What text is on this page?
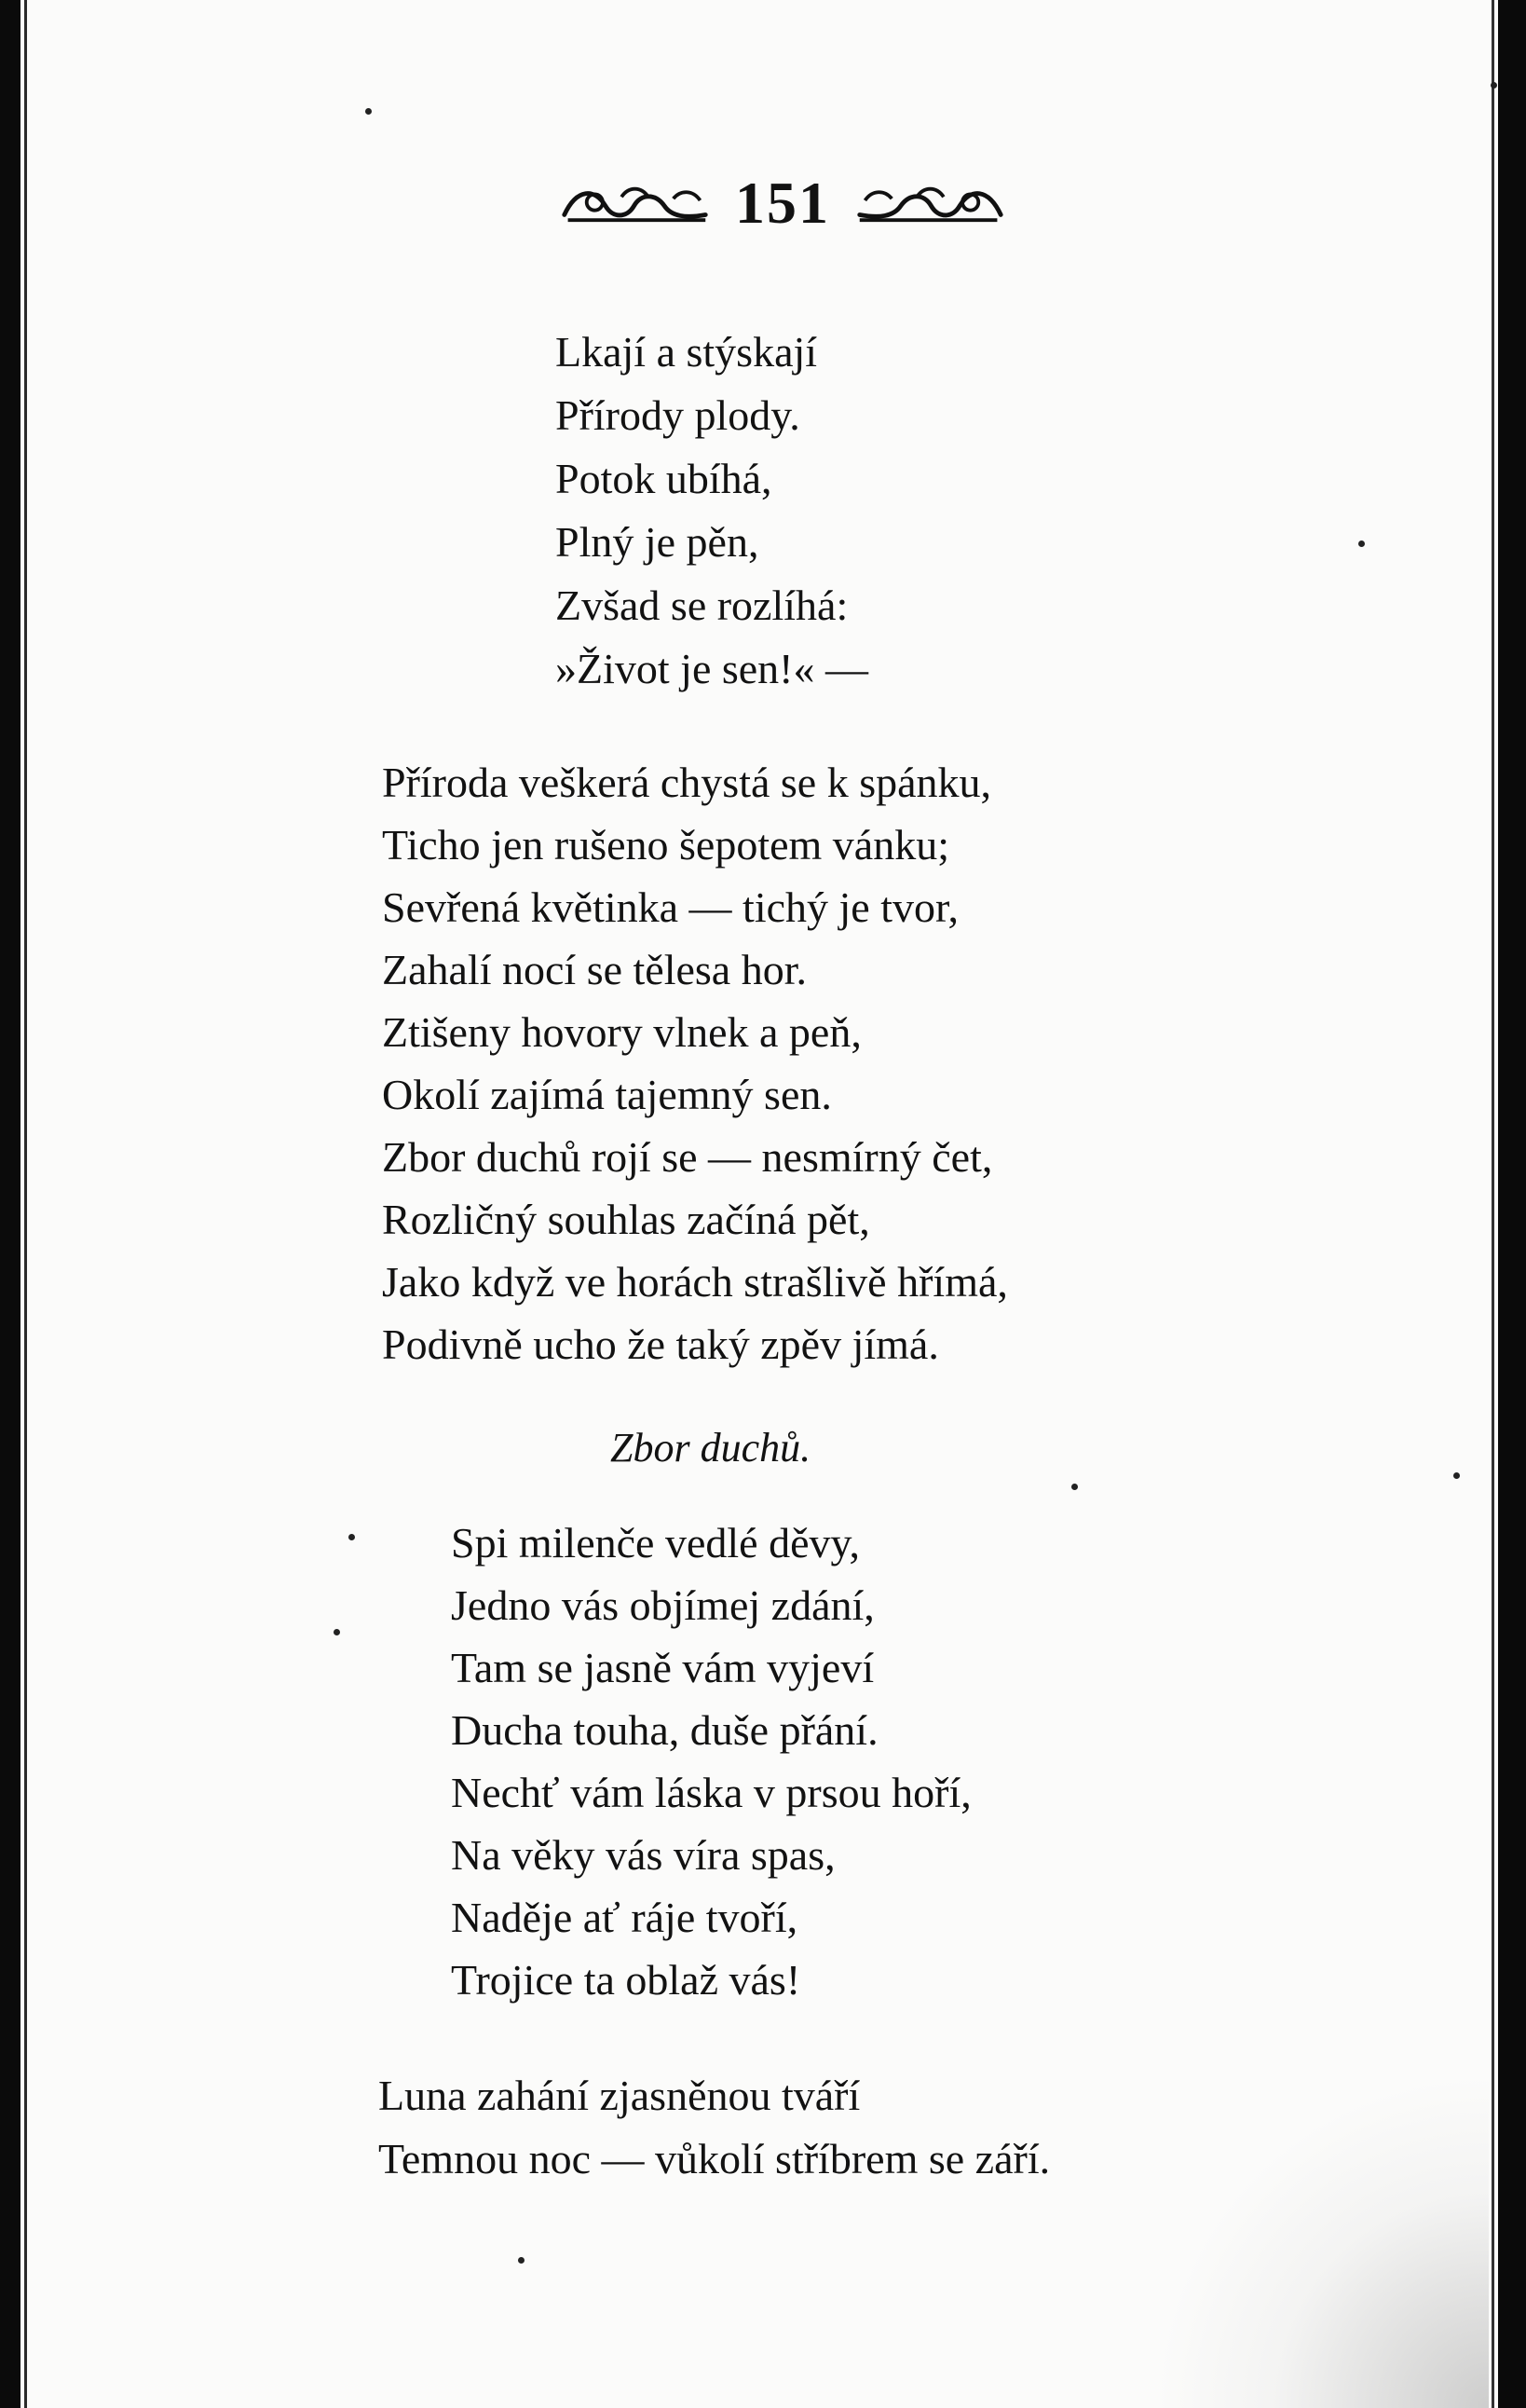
151
Lkají a stýskají
Přírody plody.
Potok ubíhá,
Plný je pěn,
Zvšad se rozlíhá:
»Život je sen!« —
Příroda veškerá chystá se k spánku,
Ticho jen rušeno šepotem vánku;
Sevřená květinka — tichý je tvor,
Zahalí nocí se tělesa hor.
Ztišeny hovory vlnek a peň,
Okolí zajímá tajemný sen.
Zbor duchů rojí se — nesmírný čet,
Rozličný souhlas začíná pět,
Jako když ve horách strašlivě hřímá,
Podivně ucho že taký zpěv jímá.
Zbor duchů.
Spi milenče vedlé děvy,
Jedno vás objímej zdání,
Tam se jasně vám vyjeví
Ducha touha, duše přání.
Nechť vám láska v prsou hoří,
Na věky vás víra spas,
Naděje ať ráje tvoří,
Trojice ta oblaž vás!
Luna zahání zjasněnou tváří
Temnou noc — vůkolí stříbrem se září.
